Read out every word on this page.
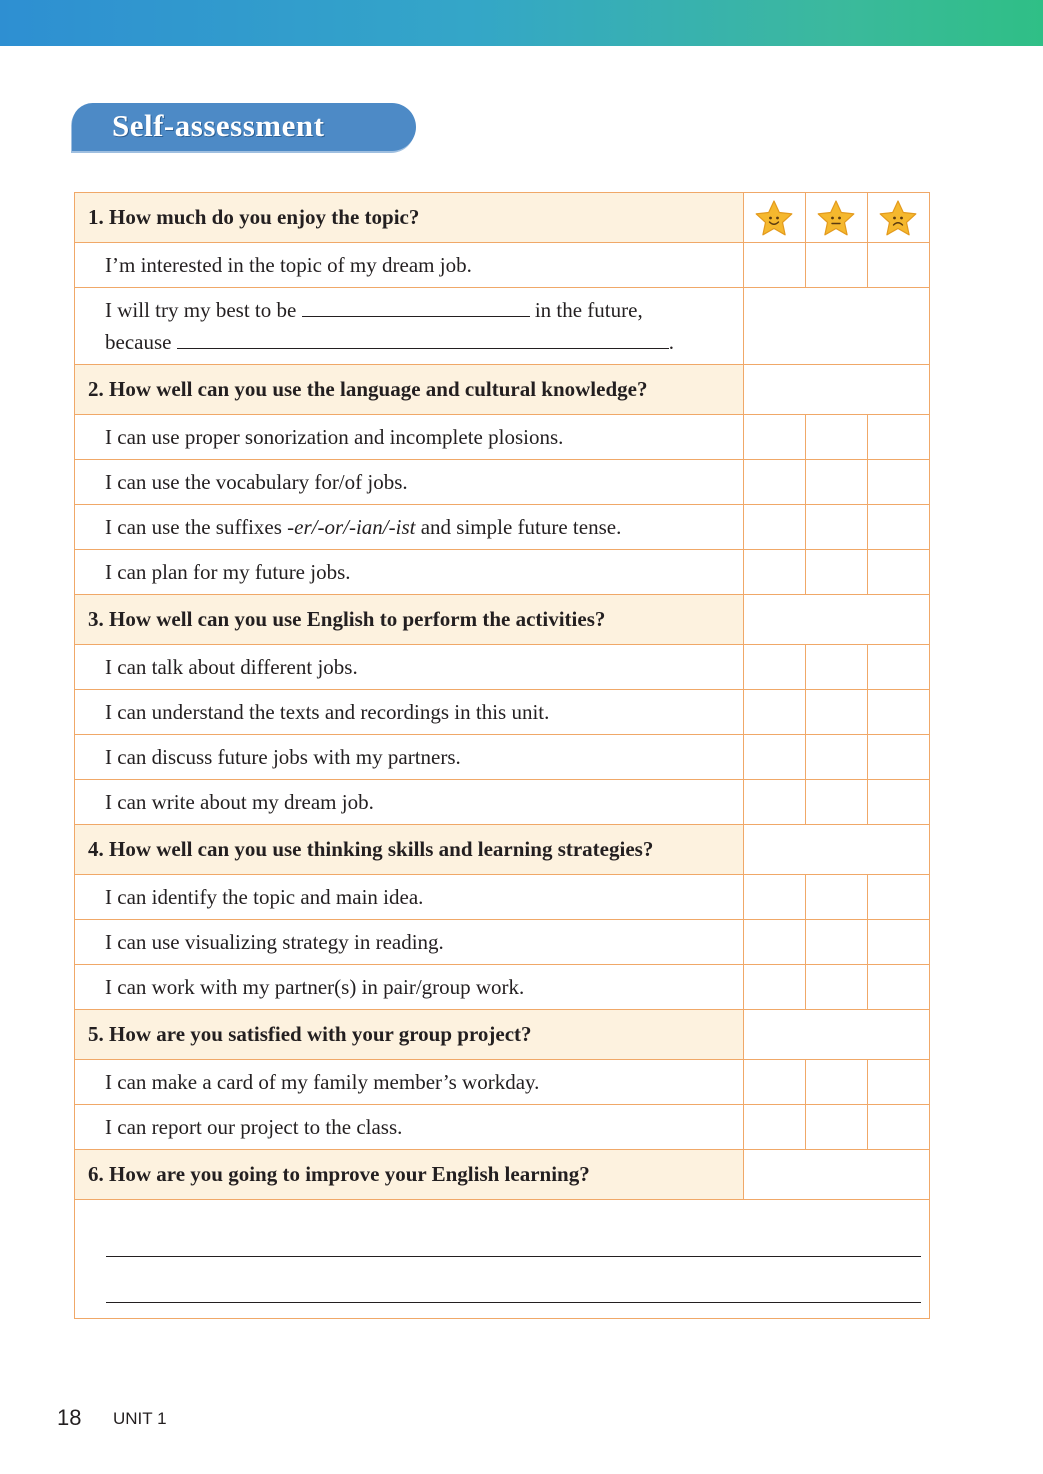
Self-assessment
1. How much do you enjoy the topic?	

I’m interested in the topic of my dream job.			
I will try my best to be in the future,
because .			
2. How well can you use the language and cultural knowledge?			
I can use proper sonorization and incomplete plosions.			
I can use the vocabulary for/of jobs.			
I can use the suffixes -er/-or/-ian/-ist and simple future tense.			
I can plan for my future jobs.			
3. How well can you use English to perform the activities?			
I can talk about different jobs.			
I can understand the texts and recordings in this unit.			
I can discuss future jobs with my partners.			
I can write about my dream job.			
4. How well can you use thinking skills and learning strategies?			
I can identify the topic and main idea.			
I can use visualizing strategy in reading.			
I can work with my partner(s) in pair/group work.			
5. How are you satisfied with your group project?			
I can make a card of my family member’s workday.			
I can report our project to the class.			
6. How are you going to improve your English learning?			

18 UNIT 1
